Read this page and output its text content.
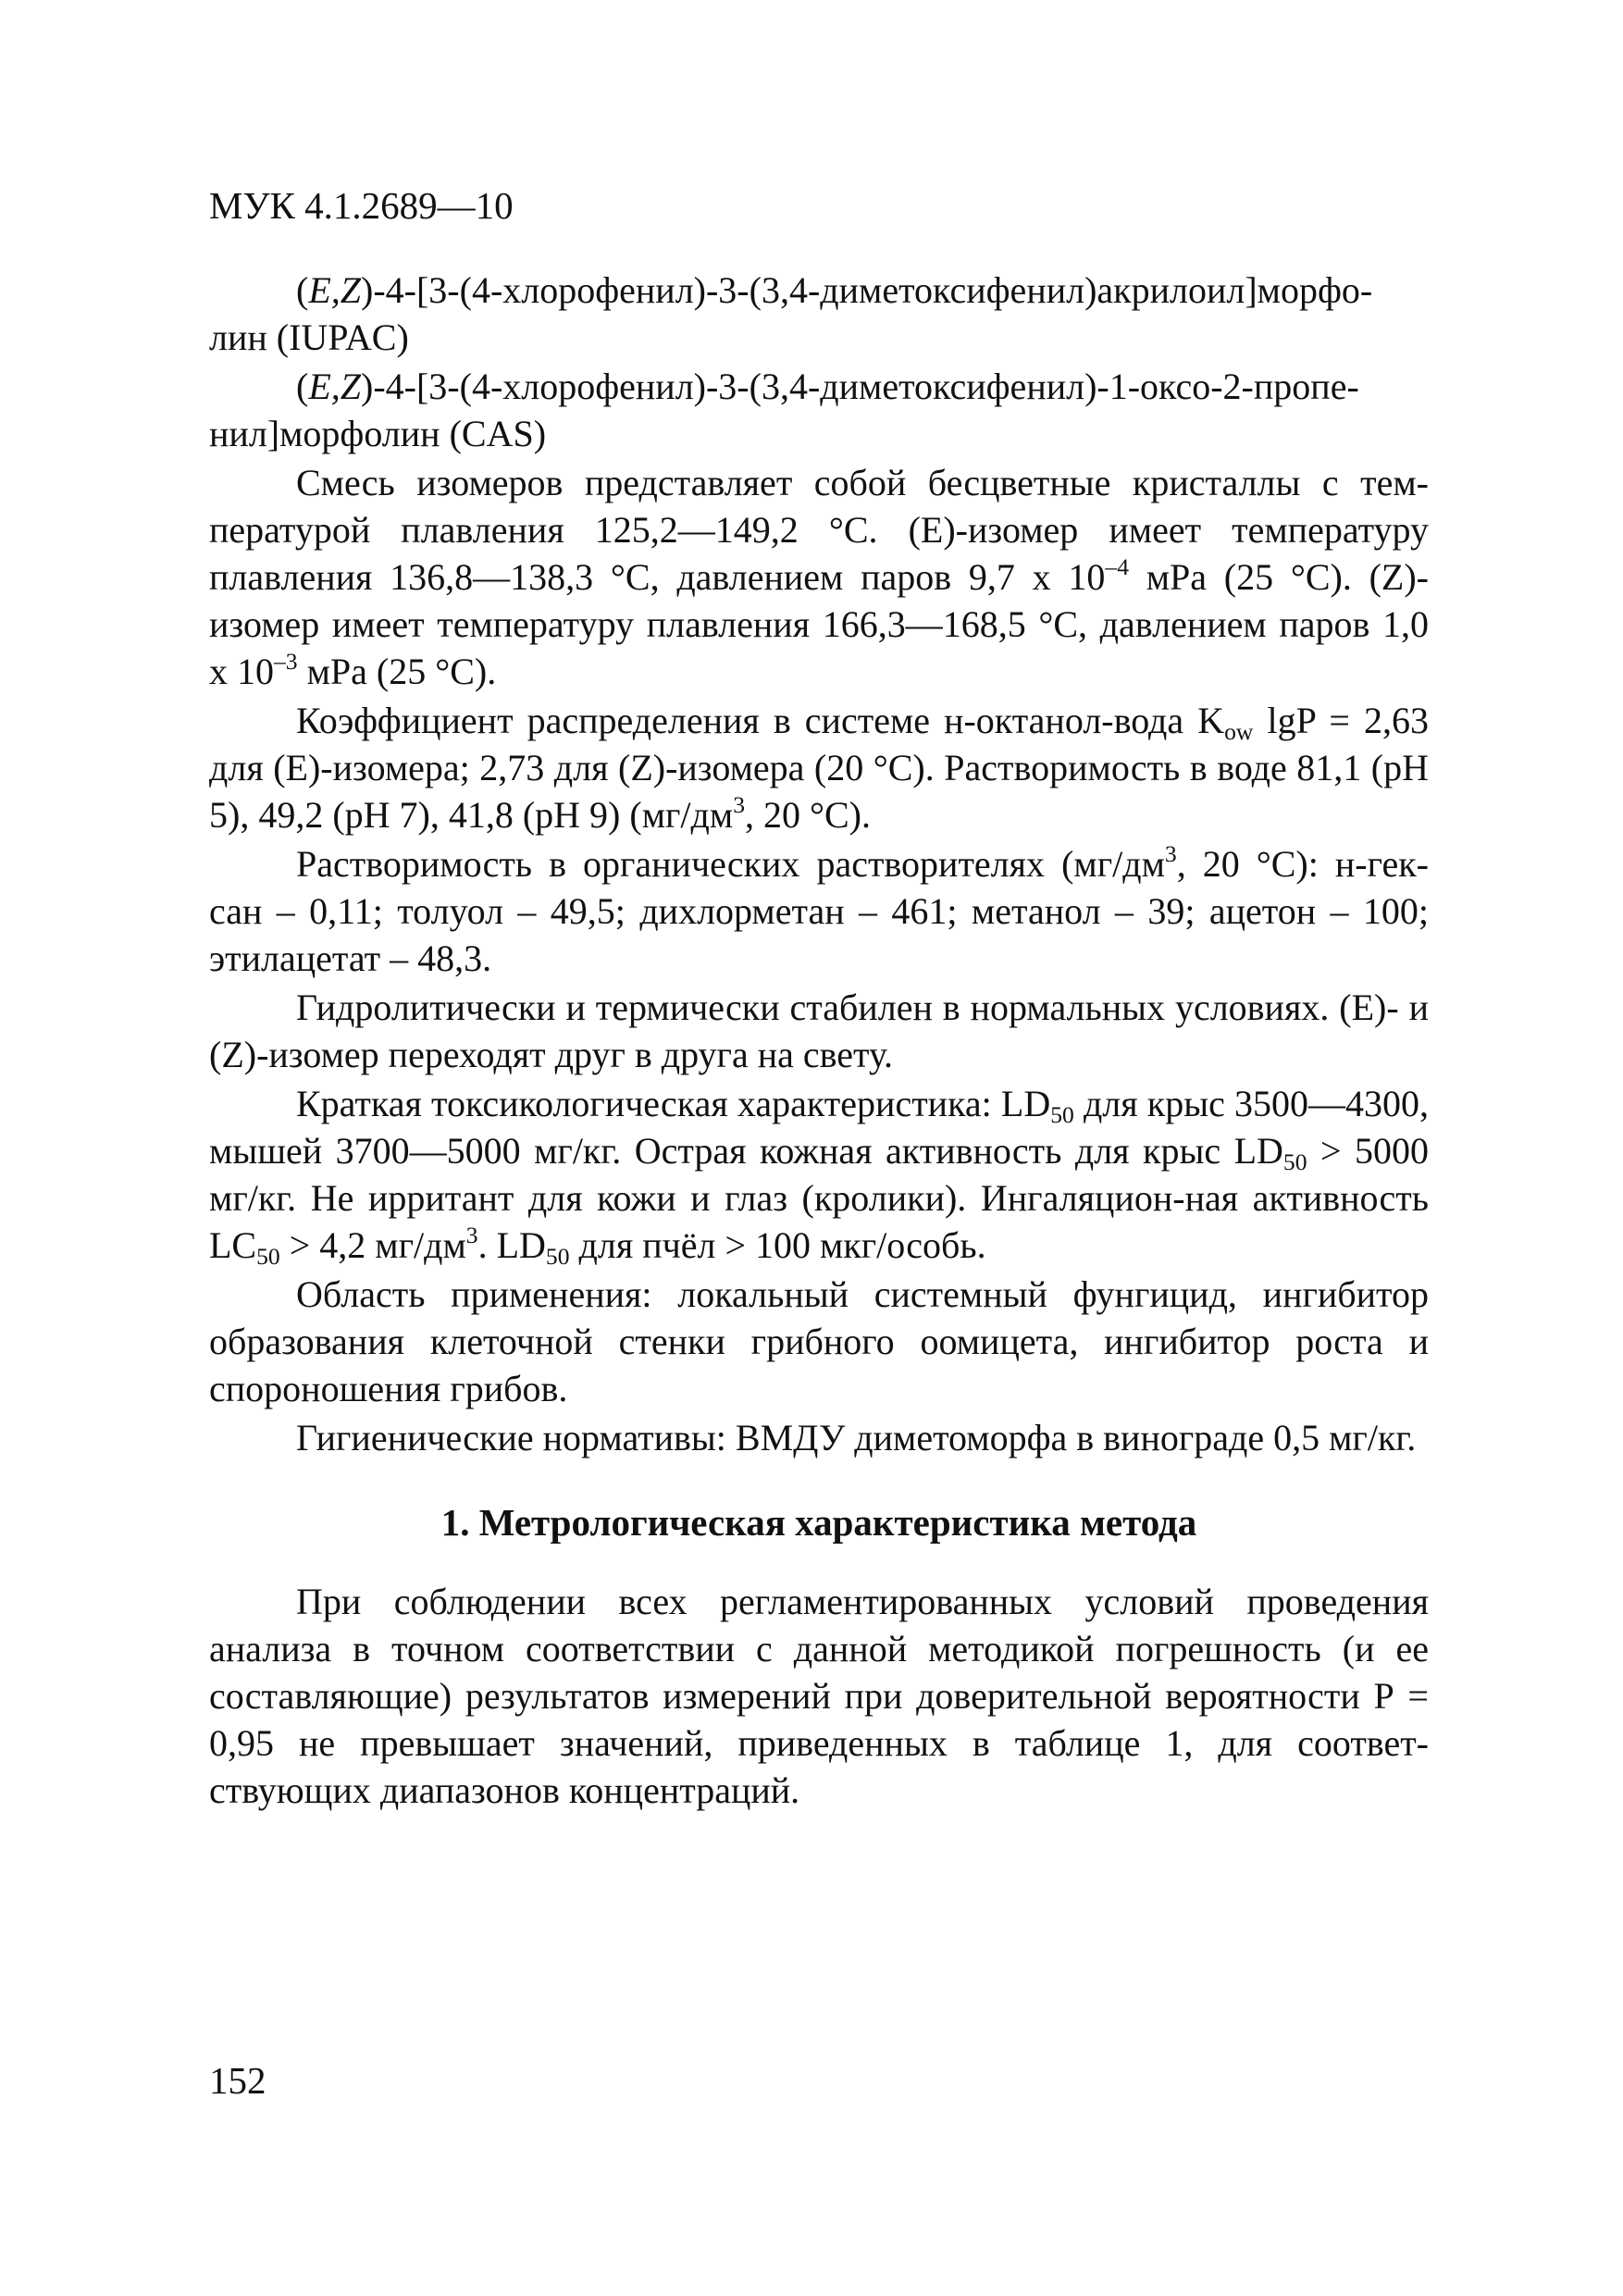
МУК 4.1.2689—10

(E,Z)-4-[3-(4-хлорофенил)-3-(3,4-диметоксифенил)акрилоил]морфо-лин (IUPAC)

(E,Z)-4-[3-(4-хлорофенил)-3-(3,4-диметоксифенил)-1-оксо-2-пропе-нил]морфолин (CAS)

Смесь изомеров представляет собой бесцветные кристаллы с тем-пературой плавления 125,2—149,2 °С. (Е)-изомер имеет температуру плавления 136,8—138,3 °С, давлением паров 9,7 х $10^{-4}$ мРа (25 °С). (Z)-изомер имеет температуру плавления 166,3—168,5 °С, давлением паров 1,0 х $10^{-3}$ мРа (25 °С).

Коэффициент распределения в системе н-октанол-вода $K_{ow}$ lgP = 2,63 для (Е)-изомера; 2,73 для (Z)-изомера (20 °С). Растворимость в воде 81,1 (pH 5), 49,2 (pH 7), 41,8 (pH 9) ($мг/дм^3$, 20 °С).

Растворимость в органических растворителях ($мг/дм^3$, 20 °С): н-гек-сан – 0,11; толуол – 49,5; дихлорметан – 461; метанол – 39; ацетон – 100; этилацетат – 48,3.

Гидролитически и термически стабилен в нормальных условиях. (Е)- и (Z)-изомер переходят друг в друга на свету.

Краткая токсикологическая характеристика: $LD_{50}$ для крыс 3500—4300, мышей 3700—5000 мг/кг. Острая кожная активность для крыс $LD_{50} > 5000$ мг/кг. Не ирритант для кожи и глаз (кролики). Ингаляцион-ная активность $LC_{50} > 4,2$ $мг/дм^3$. $LD_{50}$ для пчёл > 100 мкг/особь.

Область применения: локальный системный фунгицид, ингибитор образования клеточной стенки грибного оомицета, ингибитор роста и спороношения грибов.

Гигиенические нормативы: ВМДУ диметоморфа в винограде 0,5 мг/кг.

1. Метрологическая характеристика метода

При соблюдении всех регламентированных условий проведения анализа в точном соответствии с данной методикой погрешность (и ее составляющие) результатов измерений при доверительной вероятности Р = 0,95 не превышает значений, приведенных в таблице 1, для соответ-ствующих диапазонов концентраций.

152
